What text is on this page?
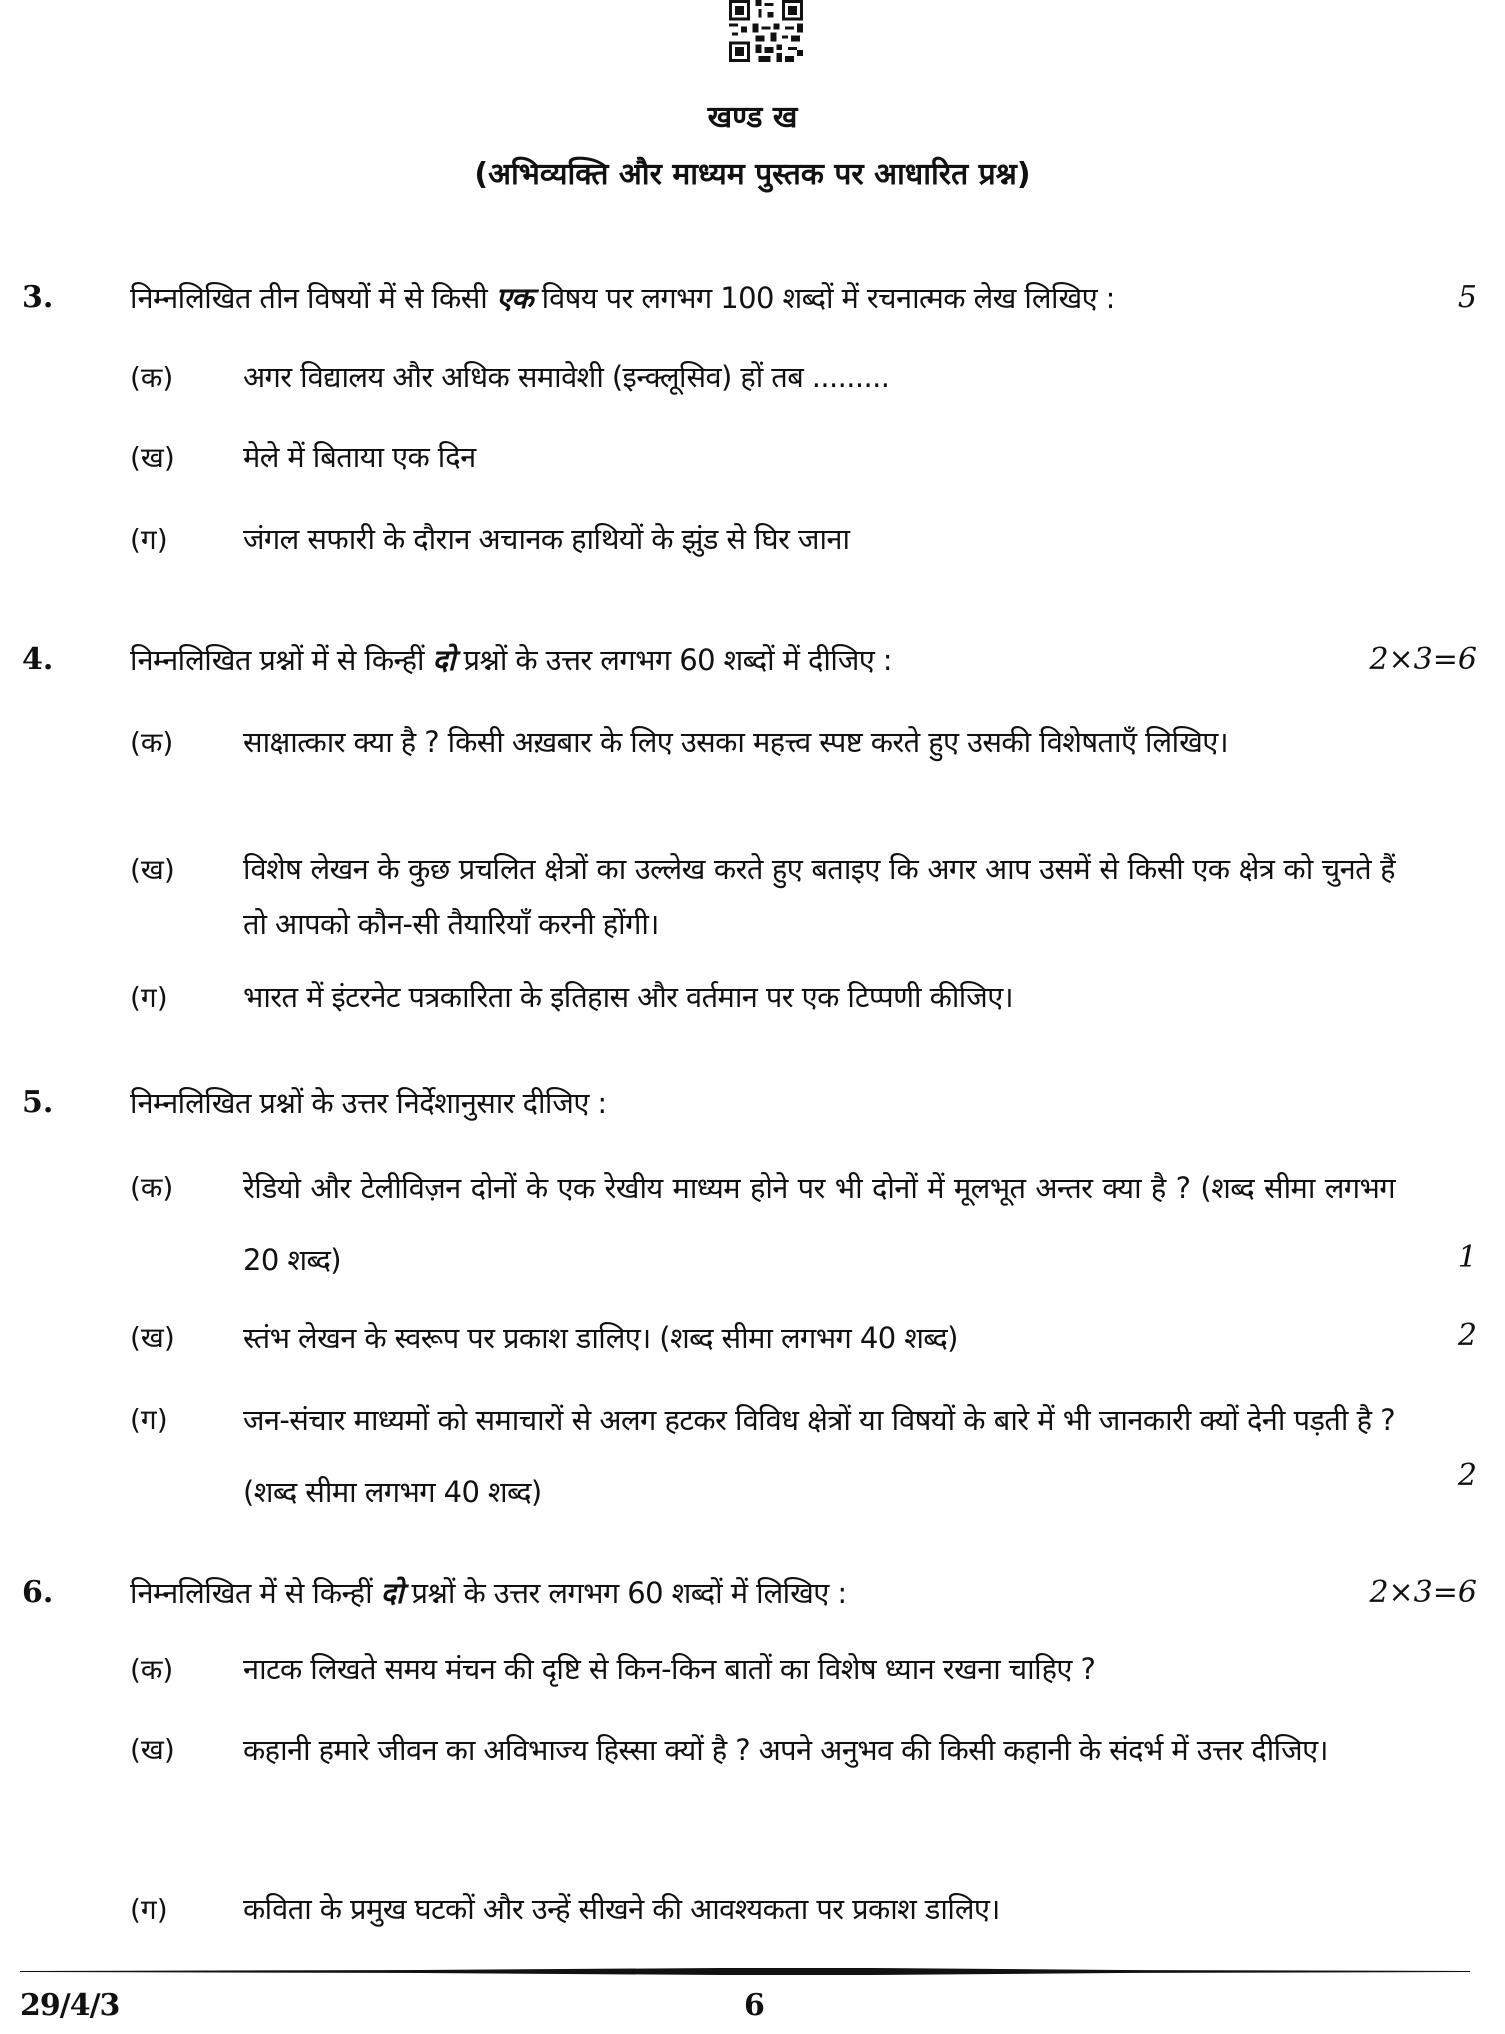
खण्ड ख
(अभिव्यक्ति और माध्यम पुस्तक पर आधारित प्रश्न)
3.	निम्नलिखित तीन विषयों में से किसी एक विषय पर लगभग 100 शब्दों में रचनात्मक लेख लिखिए :	5
(क) अगर विद्यालय और अधिक समावेशी (इन्क्लूसिव) हों तब .........
(ख) मेले में बिताया एक दिन
(ग)	जंगल सफारी के दौरान अचानक हाथियों के झुंड से घिर जाना
4.	निम्नलिखित प्रश्नों में से किन्हीं दो प्रश्नों के उत्तर लगभग 60 शब्दों में दीजिए :	2×3=6
(क) साक्षात्कार क्या है ? किसी अख़बार के लिए उसका महत्त्व स्पष्ट करते हुए उसकी विशेषताएँ लिखिए।
(ख) विशेष लेखन के कुछ प्रचलित क्षेत्रों का उल्लेख करते हुए बताइए कि अगर आप उसमें से किसी एक क्षेत्र को चुनते हैं तो आपको कौन-सी तैयारियाँ करनी होंगी।
(ग)	भारत में इंटरनेट पत्रकारिता के इतिहास और वर्तमान पर एक टिप्पणी कीजिए।
5.	निम्नलिखित प्रश्नों के उत्तर निर्देशानुसार दीजिए :
(क) रेडियो और टेलीविज़न दोनों के एक रेखीय माध्यम होने पर भी दोनों में मूलभूत अन्तर क्या है ? (शब्द सीमा लगभग 20 शब्द)	1
(ख) स्तंभ लेखन के स्वरूप पर प्रकाश डालिए। (शब्द सीमा लगभग 40 शब्द)	2
(ग)	जन-संचार माध्यमों को समाचारों से अलग हटकर विविध क्षेत्रों या विषयों के बारे में भी जानकारी क्यों देनी पड़ती है ? (शब्द सीमा लगभग 40 शब्द)	2
6.	निम्नलिखित में से किन्हीं दो प्रश्नों के उत्तर लगभग 60 शब्दों में लिखिए :	2×3=6
(क) नाटक लिखते समय मंचन की दृष्टि से किन-किन बातों का विशेष ध्यान रखना चाहिए ?
(ख) कहानी हमारे जीवन का अविभाज्य हिस्सा क्यों है ? अपने अनुभव की किसी कहानी के संदर्भ में उत्तर दीजिए।
(ग)	कविता के प्रमुख घटकों और उन्हें सीखने की आवश्यकता पर प्रकाश डालिए।
29/4/3	6
